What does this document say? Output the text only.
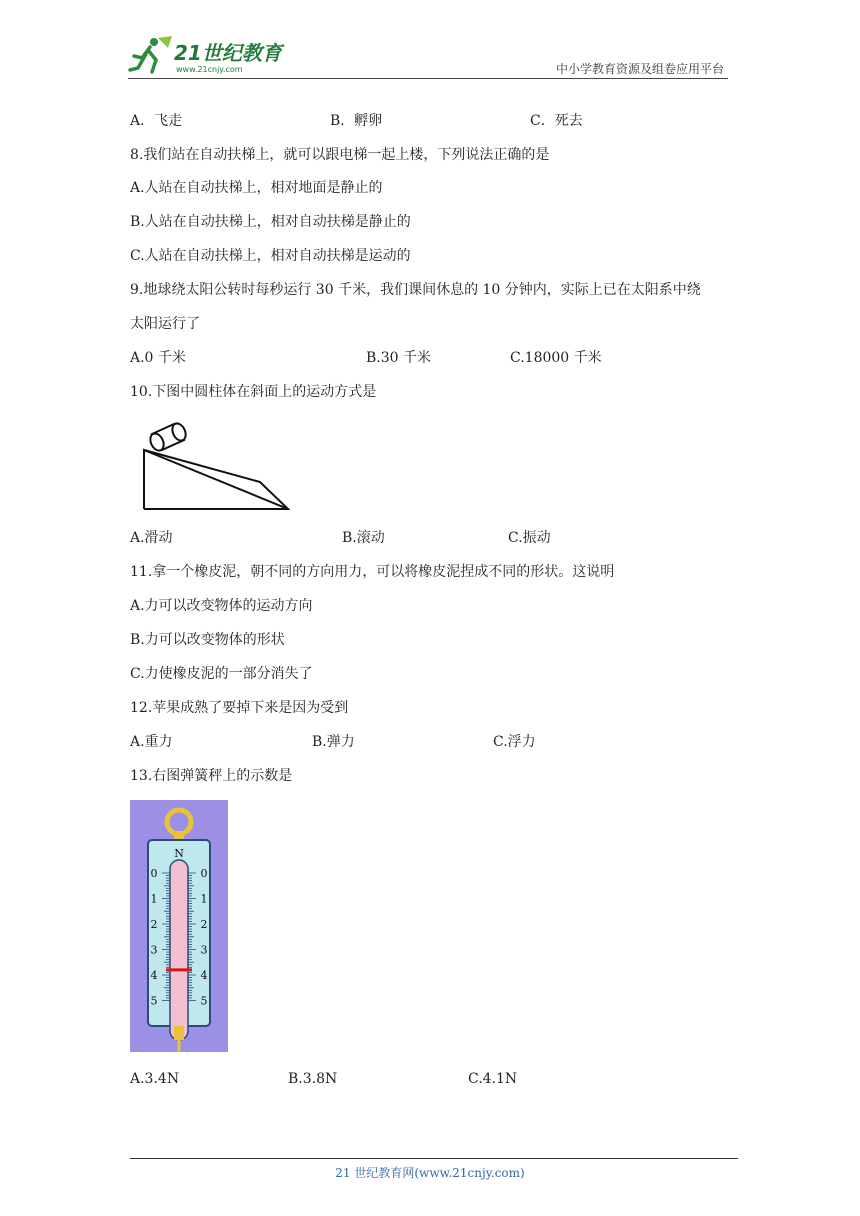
21世纪教育
www.21cnjy.com	中小学教育资源及组卷应用平台
A．飞走	B．孵卵	C．死去
8.我们站在自动扶梯上，就可以跟电梯一起上楼，下列说法正确的是
A.人站在自动扶梯上，相对地面是静止的
B.人站在自动扶梯上，相对自动扶梯是静止的
C.人站在自动扶梯上，相对自动扶梯是运动的
9.地球绕太阳公转时每秒运行 30 千米，我们课间休息的 10 分钟内，实际上已在太阳系中绕
太阳运行了
A.0 千米	B.30 千米	C.18000 千米
10.下图中圆柱体在斜面上的运动方式是
A.滑动	B.滚动	C.振动
11.拿一个橡皮泥，朝不同的方向用力，可以将橡皮泥捏成不同的形状。这说明
A.力可以改变物体的运动方向
B.力可以改变物体的形状
C.力使橡皮泥的一部分消失了
12.苹果成熟了要掉下来是因为受到
A.重力	B.弹力	C.浮力
13.右图弹簧秤上的示数是
N
0	0
1	1
2	2
3	3
4	4
5	5
A.3.4N	B.3.8N	C.4.1N
21 世纪教育网(www.21cnjy.com)
